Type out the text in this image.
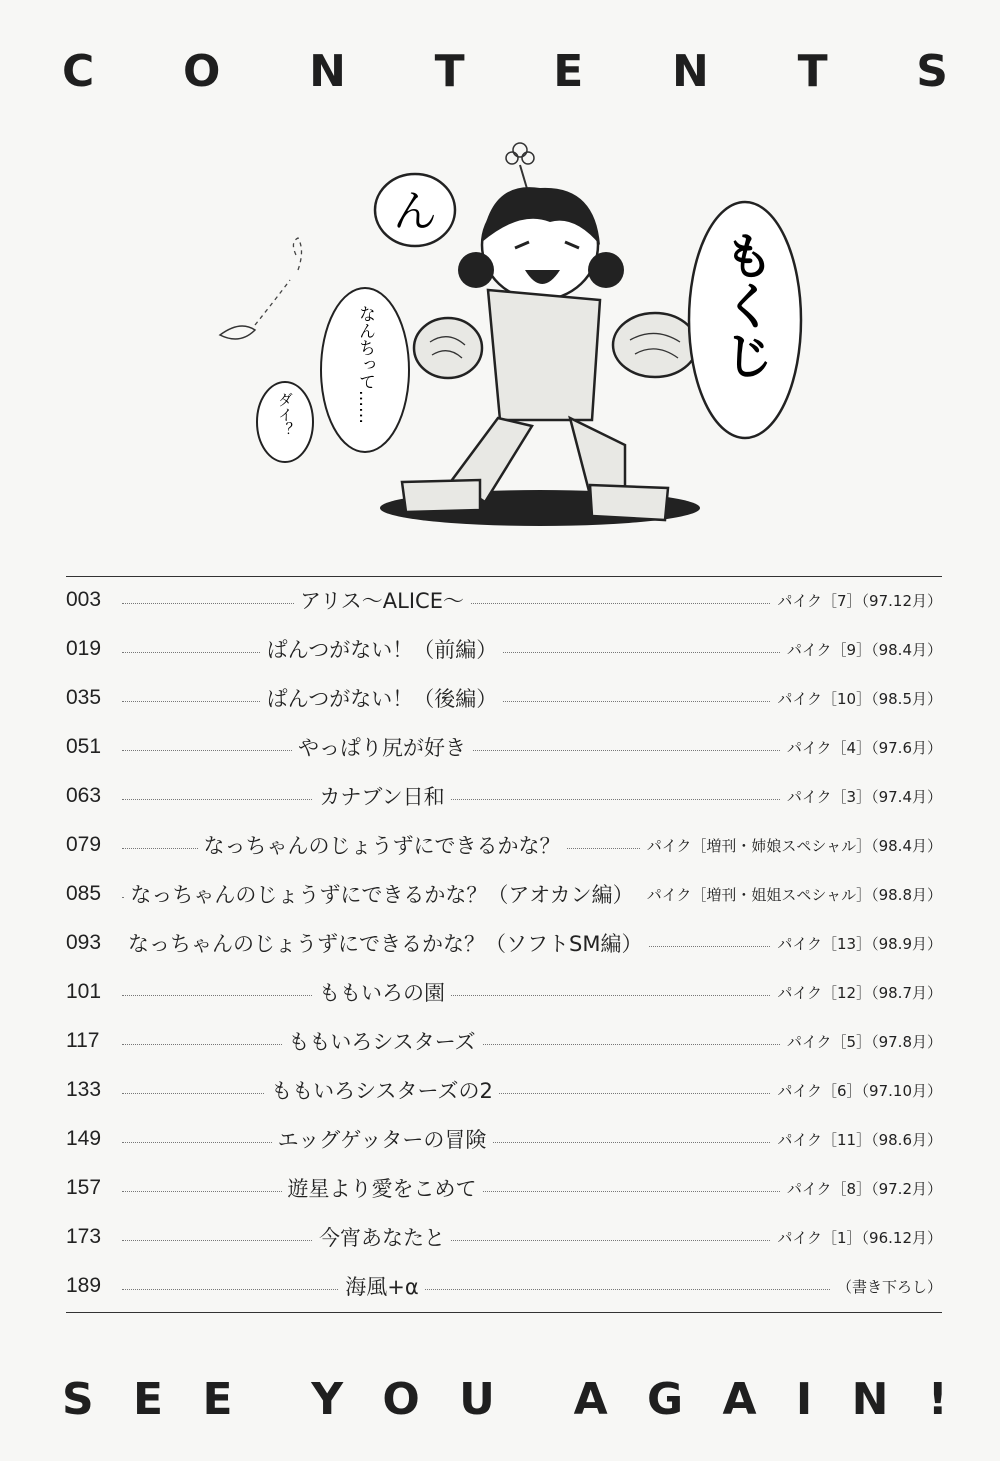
C O N T E N T S
ん
なんちって……
ダイ？
もくじ
003	アリス〜ALICE〜	パイク［7］（97.12月）
019	ぱんつがない！（前編）	パイク［9］（98.4月）
035	ぱんつがない！（後編）	パイク［10］（98.5月）
051	やっぱり尻が好き	パイク［4］（97.6月）
063	カナブン日和	パイク［3］（97.4月）
079	なっちゃんのじょうずにできるかな？	パイク［増刊・姉娘スペシャル］（98.4月）
085	なっちゃんのじょうずにできるかな？（アオカン編） パイク［増刊・姐姐スペシャル］（98.8月）
093	なっちゃんのじょうずにできるかな？（ソフトSM編）	パイク［13］（98.9月）
101	ももいろの園	パイク［12］（98.7月）
117	ももいろシスターズ	パイク［5］（97.8月）
133	ももいろシスターズの2	パイク［6］（97.10月）
149	エッグゲッターの冒険	パイク［11］（98.6月）
157	遊星より愛をこめて	パイク［8］（97.2月）
173	今宵あなたと	パイク［1］（96.12月）
189	海風+α	（書き下ろし）
S E E Y O U A G A I N !
